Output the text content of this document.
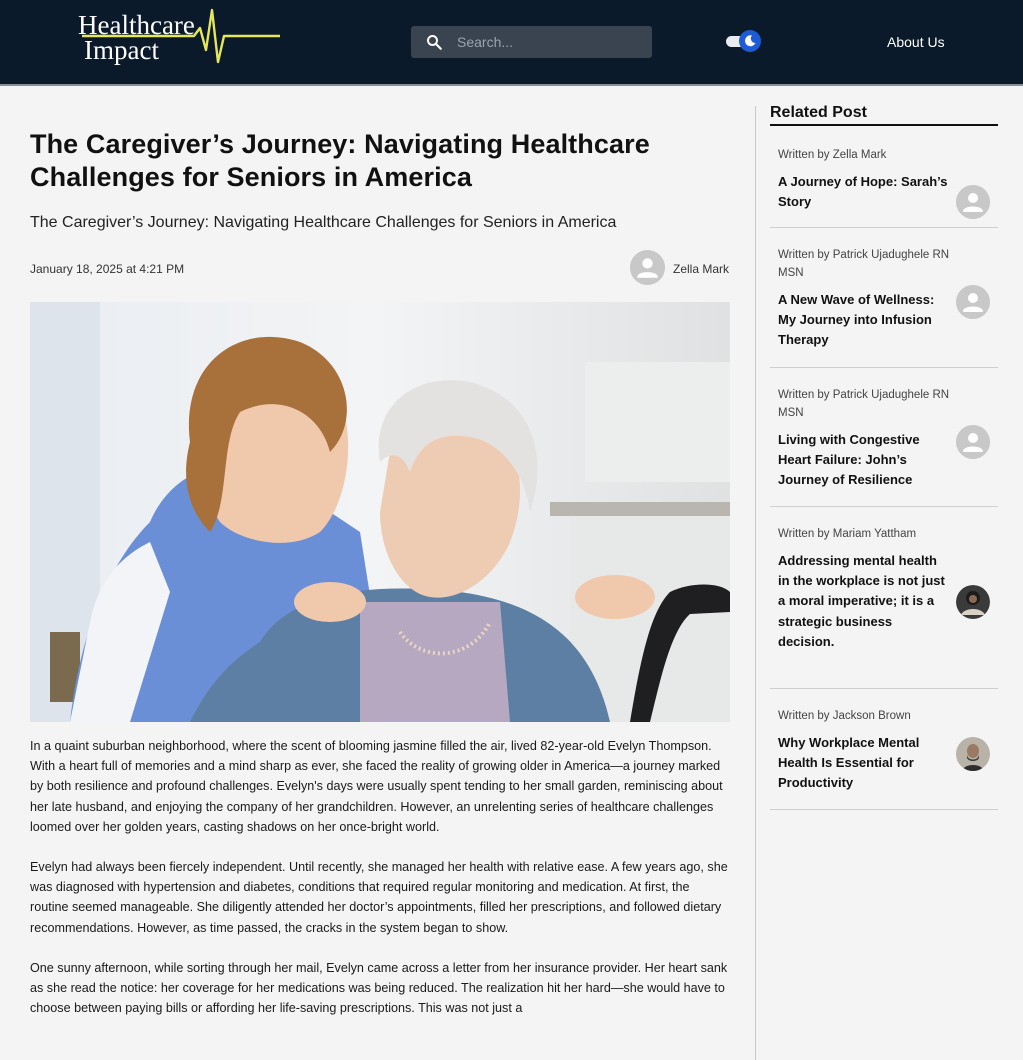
Healthcare
Impact
Search...	About Us
The Caregiver’s Journey: Navigating Healthcare Challenges for Seniors in America
The Caregiver’s Journey: Navigating Healthcare Challenges for Seniors in America
January 18, 2025 at 4:21 PM	Zella Mark

In a quaint suburban neighborhood, where the scent of blooming jasmine filled the air, lived 82-year-old Evelyn Thompson. With a heart full of memories and a mind sharp as ever, she faced the reality of growing older in America—a journey marked by both resilience and profound challenges. Evelyn's days were usually spent tending to her small garden, reminiscing about her late husband, and enjoying the company of her grandchildren. However, an unrelenting series of healthcare challenges loomed over her golden years, casting shadows on her once-bright world.

Evelyn had always been fiercely independent. Until recently, she managed her health with relative ease. A few years ago, she was diagnosed with hypertension and diabetes, conditions that required regular monitoring and medication. At first, the routine seemed manageable. She diligently attended her doctor’s appointments, filled her prescriptions, and followed dietary recommendations. However, as time passed, the cracks in the system began to show.

One sunny afternoon, while sorting through her mail, Evelyn came across a letter from her insurance provider. Her heart sank as she read the notice: her coverage for her medications was being reduced. The realization hit her hard—she would have to choose between paying bills or affording her life-saving prescriptions. This was not just a

Related Post
Written by Zella Mark
A Journey of Hope: Sarah’s Story
Written by Patrick Ujadughele RN MSN
A New Wave of Wellness: My Journey into Infusion Therapy
Written by Patrick Ujadughele RN MSN
Living with Congestive Heart Failure: John’s Journey of Resilience
Written by Mariam Yattham
Addressing mental health in the workplace is not just a moral imperative; it is a strategic business decision.
Written by Jackson Brown
Why Workplace Mental Health Is Essential for Productivity
